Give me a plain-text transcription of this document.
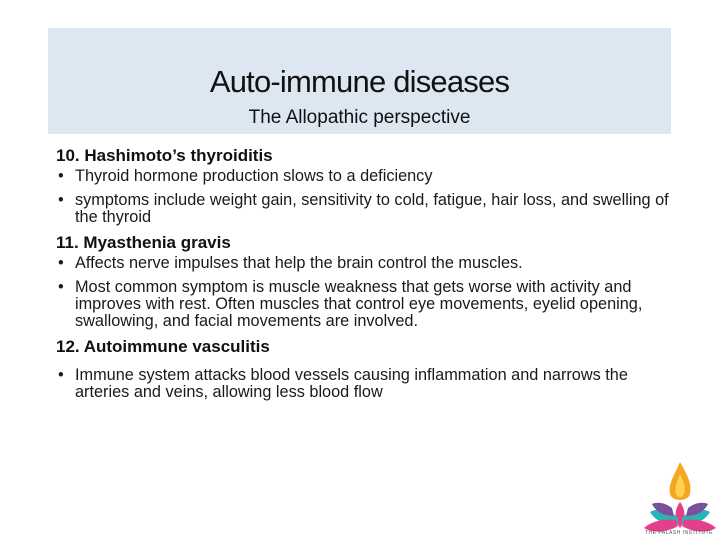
Auto-immune diseases
The Allopathic perspective
10. Hashimoto’s thyroiditis
• Thyroid hormone production slows to a deficiency
• symptoms include weight gain, sensitivity to cold, fatigue, hair loss, and swelling of the thyroid
11. Myasthenia gravis
• Affects nerve impulses that help the brain control the muscles.
• Most common symptom is muscle weakness that gets worse with activity and improves with rest. Often muscles that control eye movements, eyelid opening, swallowing, and facial movements are involved.
12. Autoimmune vasculitis
• Immune system attacks blood vessels causing inflammation and narrows the arteries and veins, allowing less blood flow
THE PALASH INSTITUTE
